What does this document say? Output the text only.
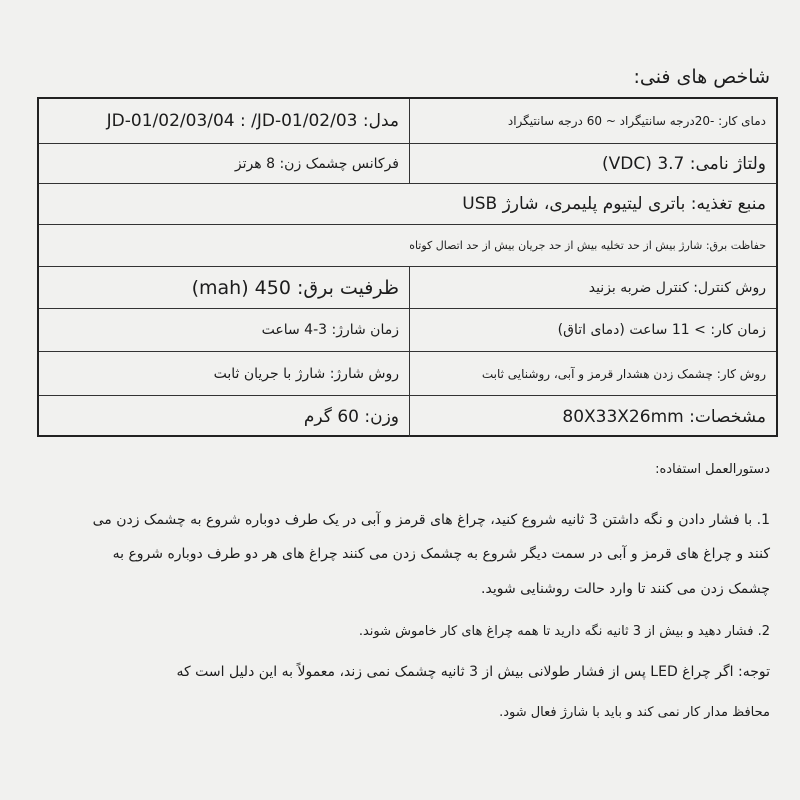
شاخص های فنی:
مدل: JD-01/02/03/04 : /JD-01/02/03	دمای کار: -20درجه سانتیگراد ~ 60 درجه سانتیگراد
فرکانس چشمک زن: 8 هرتز	ولتاژ نامی: 3.7 (VDC)
منبع تغذیه: باتری لیتیوم پلیمری، شارژ USB
حفاظت برق: شارژ بیش از حد تخلیه بیش از حد جریان بیش از حد اتصال کوتاه
ظرفیت برق: 450 (mah)	روش کنترل: کنترل ضربه بزنید
زمان شارژ: 3-4 ساعت	زمان کار: > 11 ساعت (دمای اتاق)
روش شارژ: شارژ با جریان ثابت	روش کار: چشمک زدن هشدار قرمز و آبی، روشنایی ثابت
وزن: 60 گرم	مشخصات: 80X33X26mm
دستورالعمل استفاده:
1. با فشار دادن و نگه داشتن 3 ثانیه شروع کنید، چراغ های قرمز و آبی در یک طرف دوباره شروع به چشمک زدن می
کنند و چراغ های قرمز و آبی در سمت دیگر شروع به چشمک زدن می کنند چراغ های هر دو طرف دوباره شروع به
چشمک زدن می کنند تا وارد حالت روشنایی شوید.
2. فشار دهید و بیش از 3 ثانیه نگه دارید تا همه چراغ های کار خاموش شوند.
توجه: اگر چراغ LED پس از فشار طولانی بیش از 3 ثانیه چشمک نمی زند، معمولاً به این دلیل است که
محافظ مدار کار نمی کند و باید با شارژ فعال شود.
